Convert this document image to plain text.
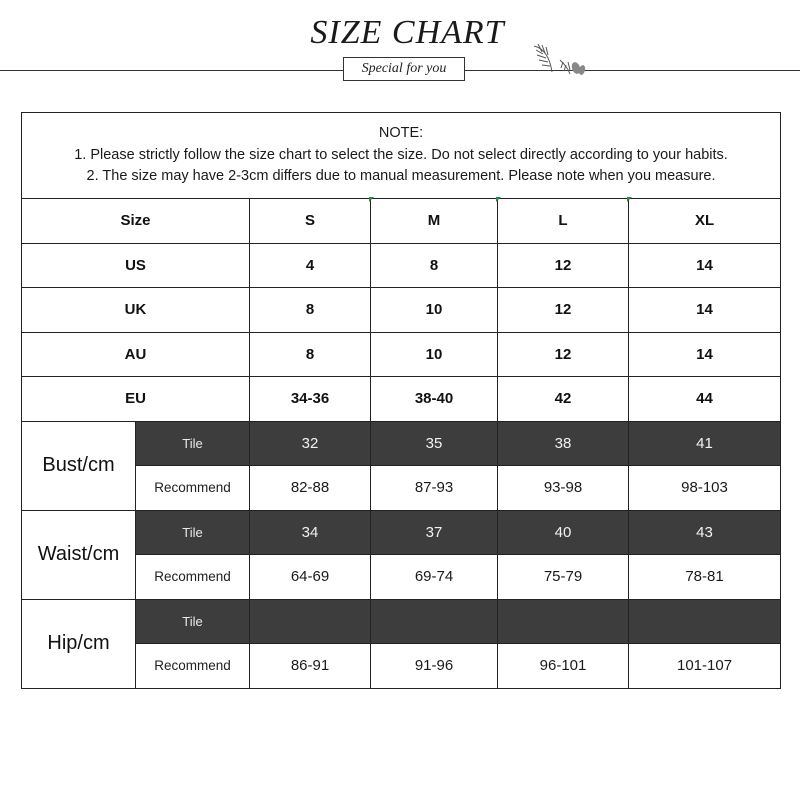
SIZE CHART
Special for you
NOTE:
1. Please strictly follow the size chart to select the size. Do not select directly according to your habits.
2. The size may have 2-3cm differs due to manual measurement. Please note when you measure.					

Size		S	M	L	XL
US		4	8	12	14
UK		8	10	12	14
AU		8	10	12	14
EU		34-36	38-40	42	44
Bust/cm	Tile	32	35	38	41
	Recommend	82-88	87-93	93-98	98-103
Waist/cm	Tile	34	37	40	43
	Recommend	64-69	69-74	75-79	78-81
Hip/cm	Tile				
	Recommend	86-91	91-96	96-101	101-107
